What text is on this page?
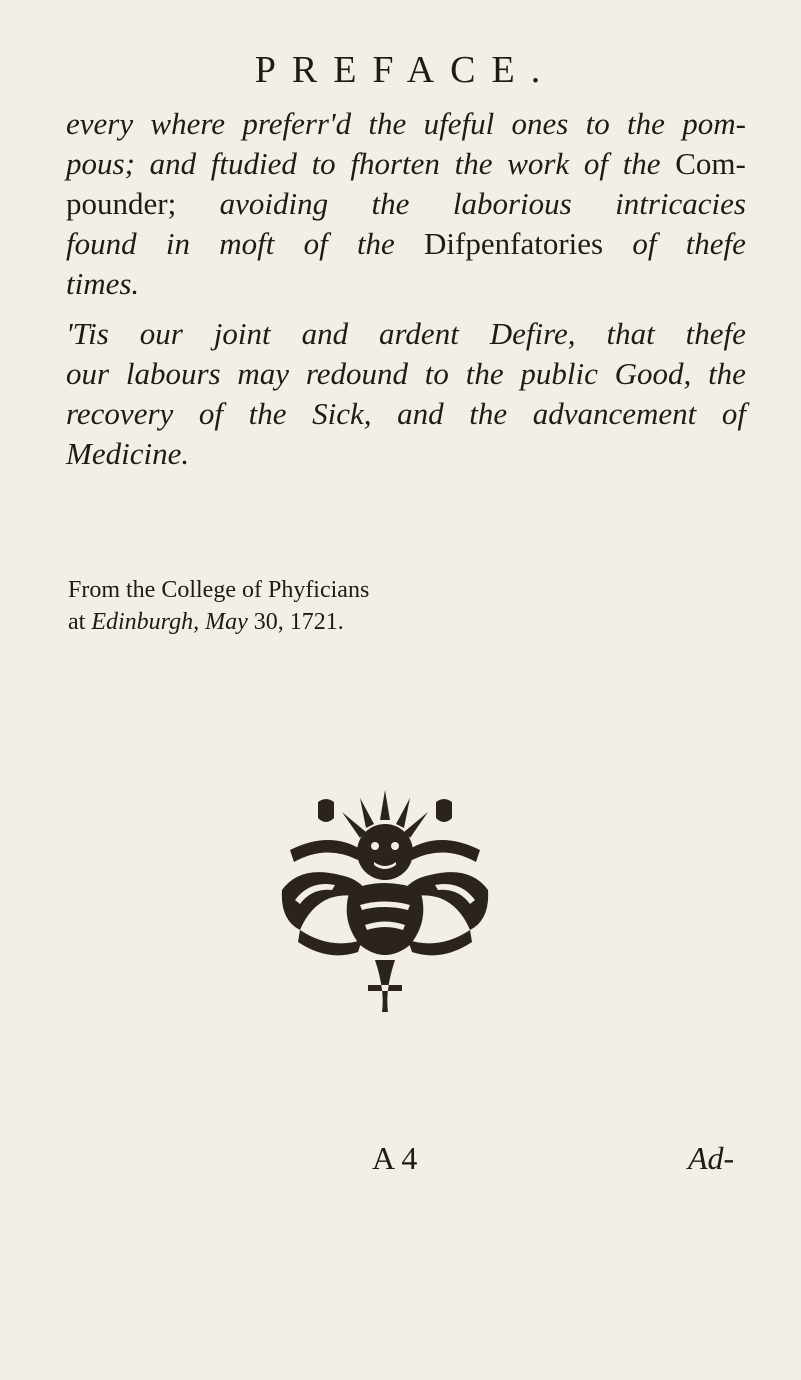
PREFACE.
every where preferr'd the ufeful ones to the pom-
pous; and ftudied to fhorten the work of the Com-
pounder; avoiding the laborious intricacies
found in moft of the Difpenfatories of thefe
times.
'Tis our joint and ardent Defire, that thefe
our labours may redound to the public Good, the
recovery of the Sick, and the advancement of
Medicine.
From the College of Phyficians
at Edinburgh, May 30, 1721.
A 4	Ad-
